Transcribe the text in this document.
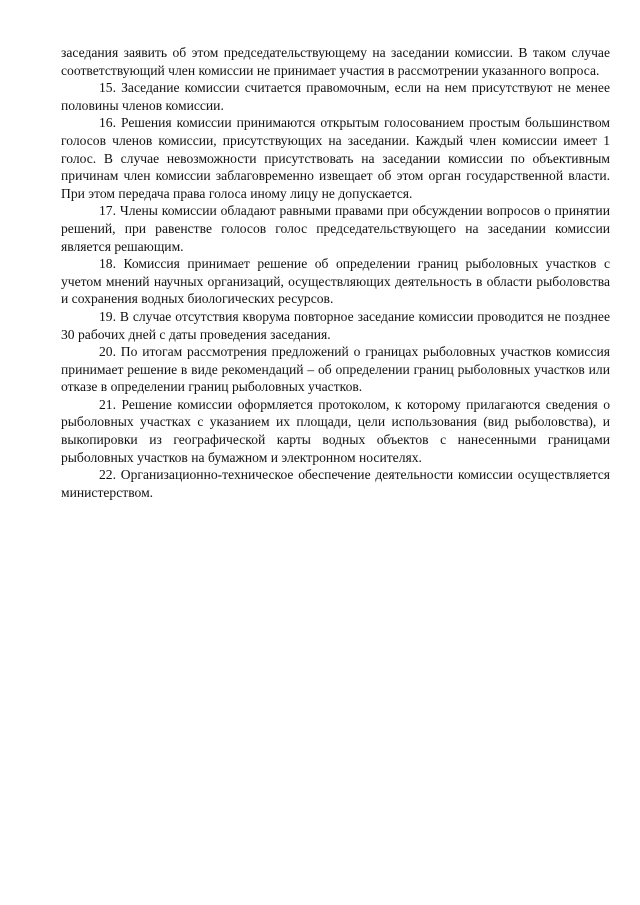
заседания заявить об этом председательствующему на заседании комиссии. В таком случае соответствующий член комиссии не принимает участия в рассмотрении указанного вопроса.

15. Заседание комиссии считается правомочным, если на нем присутствуют не менее половины членов комиссии.

16. Решения комиссии принимаются открытым голосованием простым большинством голосов членов комиссии, присутствующих на заседании. Каждый член комиссии имеет 1 голос. В случае невозможности присутствовать на заседании комиссии по объективным причинам член комиссии заблаговременно извещает об этом орган государственной власти. При этом передача права голоса иному лицу не допускается.

17. Члены комиссии обладают равными правами при обсуждении вопросов о принятии решений, при равенстве голосов голос председательствующего на заседании комиссии является решающим.

18. Комиссия принимает решение об определении границ рыболовных участков с учетом мнений научных организаций, осуществляющих деятельность в области рыболовства и сохранения водных биологических ресурсов.

19. В случае отсутствия кворума повторное заседание комиссии проводится не позднее 30 рабочих дней с даты проведения заседания.

20. По итогам рассмотрения предложений о границах рыболовных участков комиссия принимает решение в виде рекомендаций – об определении границ рыболовных участков или отказе в определении границ рыболовных участков.

21. Решение комиссии оформляется протоколом, к которому прилагаются сведения о рыболовных участках с указанием их площади, цели использования (вид рыболовства), и выкопировки из географической карты водных объектов с нанесенными границами рыболовных участков на бумажном и электронном носителях.

22. Организационно-техническое обеспечение деятельности комиссии осуществляется министерством.
